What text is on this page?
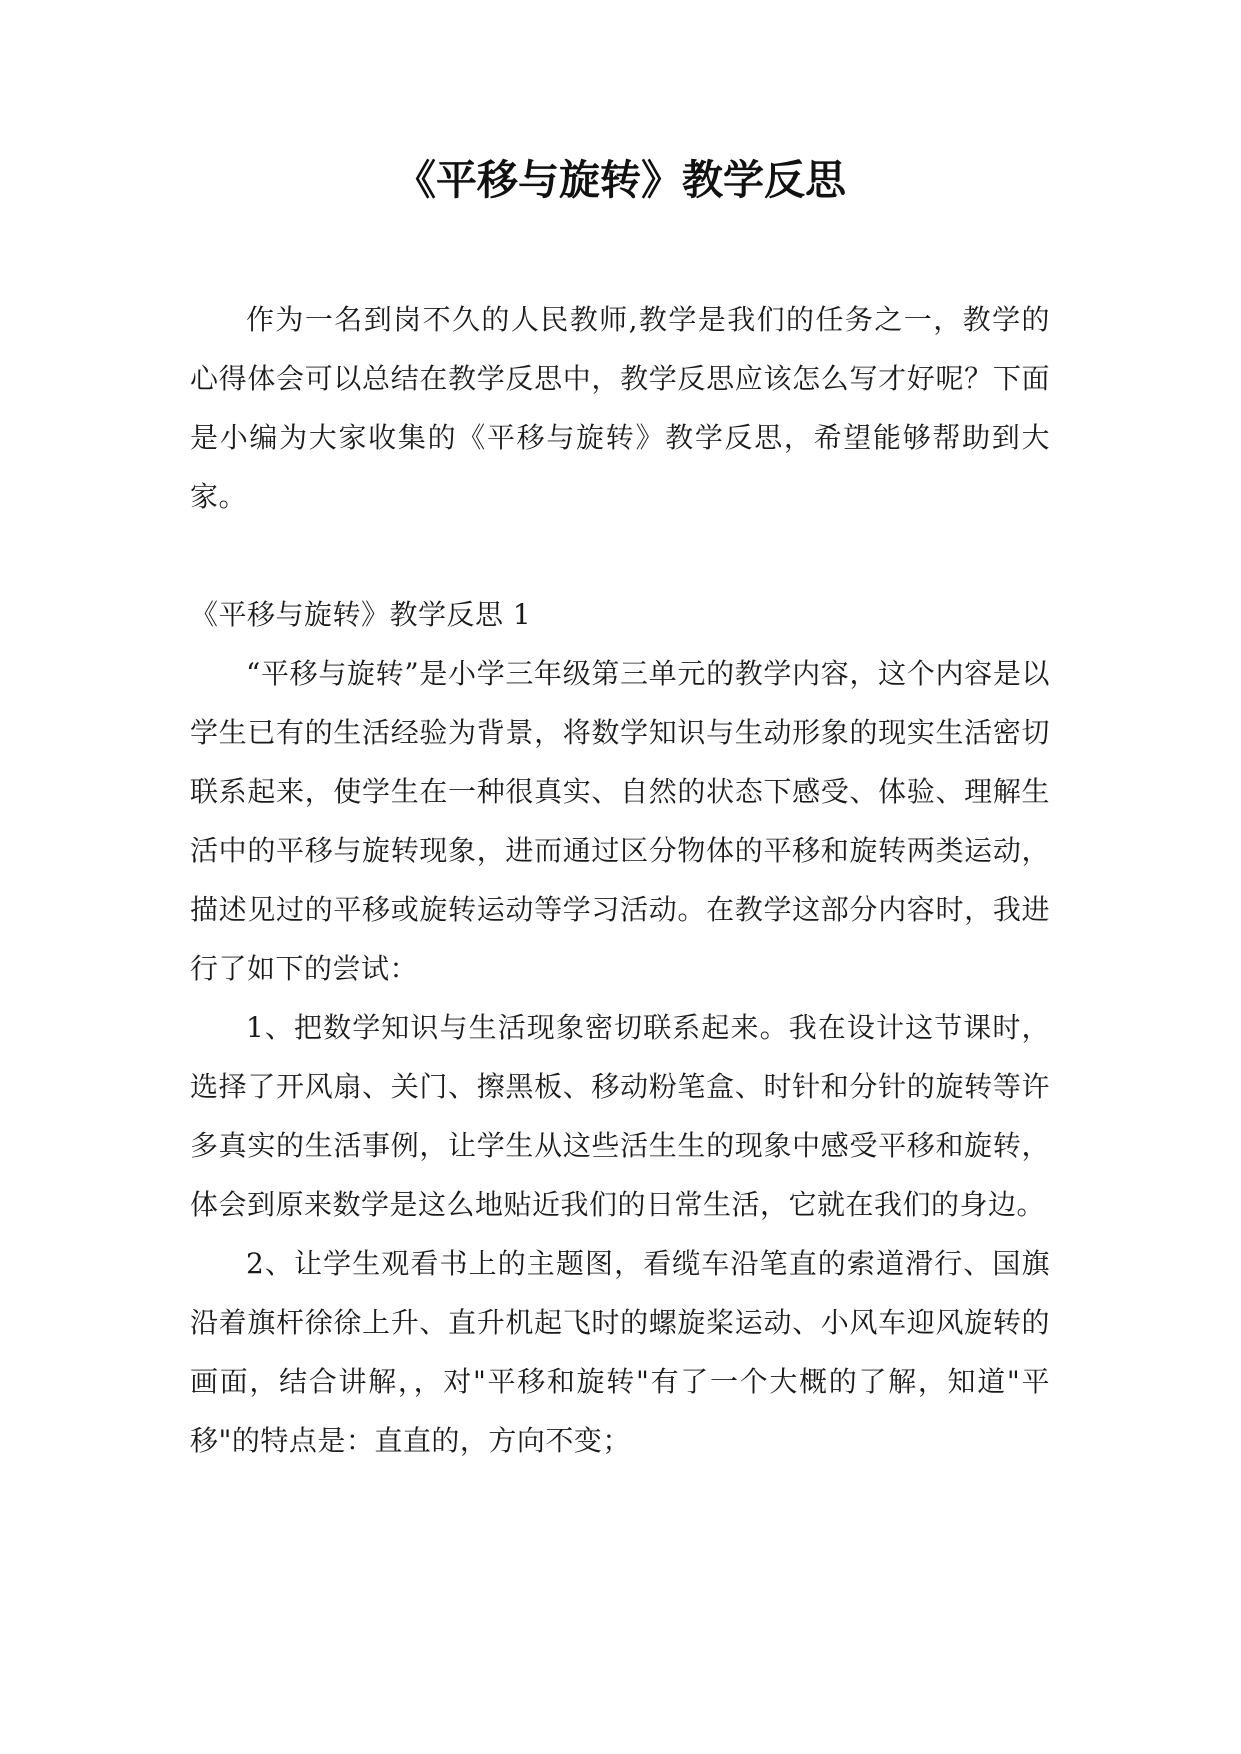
《平移与旋转》教学反思

作为一名到岗不久的人民教师,教学是我们的任务之一，教学的心得体会可以总结在教学反思中，教学反思应该怎么写才好呢？下面是小编为大家收集的《平移与旋转》教学反思，希望能够帮助到大家。

《平移与旋转》教学反思 1

“平移与旋转”是小学三年级第三单元的教学内容，这个内容是以学生已有的生活经验为背景，将数学知识与生动形象的现实生活密切联系起来，使学生在一种很真实、自然的状态下感受、体验、理解生活中的平移与旋转现象，进而通过区分物体的平移和旋转两类运动，描述见过的平移或旋转运动等学习活动。在教学这部分内容时，我进行了如下的尝试：

1、把数学知识与生活现象密切联系起来。我在设计这节课时，选择了开风扇、关门、擦黑板、移动粉笔盒、时针和分针的旋转等许多真实的生活事例，让学生从这些活生生的现象中感受平移和旋转，体会到原来数学是这么地贴近我们的日常生活，它就在我们的身边。

2、让学生观看书上的主题图，看缆车沿笔直的索道滑行、国旗沿着旗杆徐徐上升、直升机起飞时的螺旋桨运动、小风车迎风旋转的画面，结合讲解，，对"平移和旋转"有了一个大概的了解，知道"平移"的特点是：直直的，方向不变；
